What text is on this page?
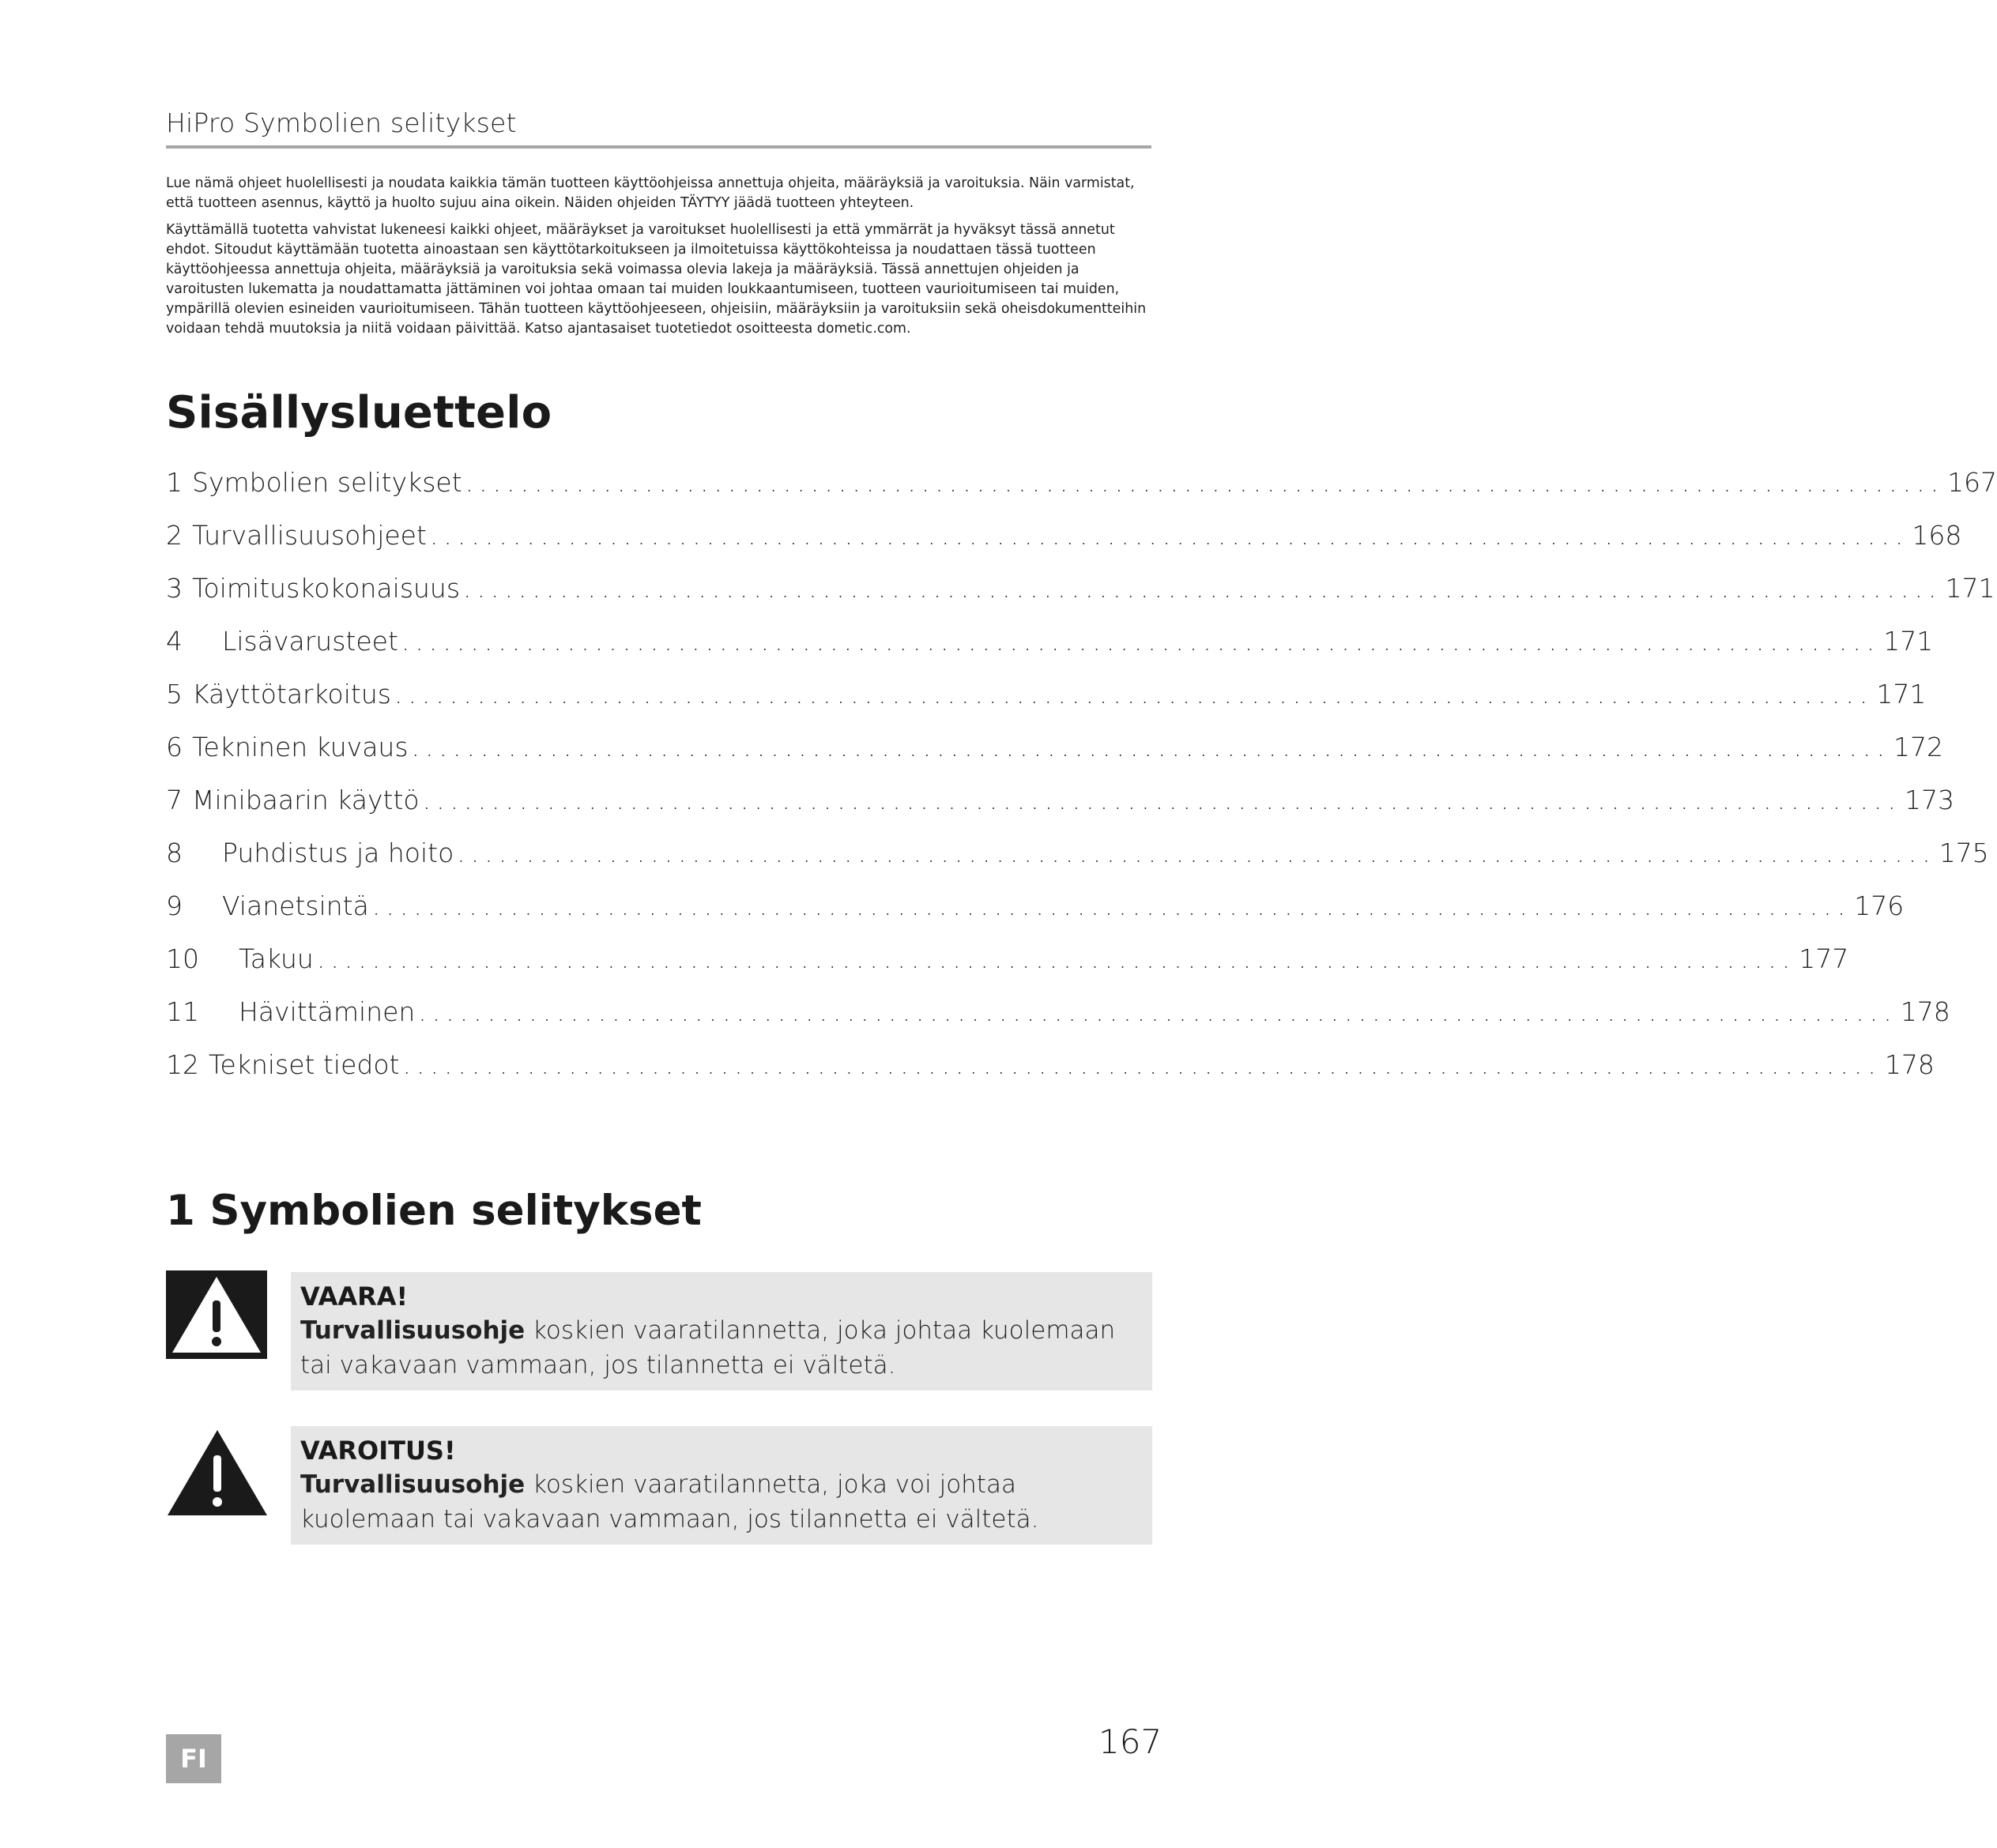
HiPro Symbolien selitykset

Lue nämä ohjeet huolellisesti ja noudata kaikkia tämän tuotteen käyttöohjeissa annettuja ohjeita, määräyksiä ja varoituksia. Näin varmistat, että tuotteen asennus, käyttö ja huolto sujuu aina oikein. Näiden ohjeiden TÄYTYY jäädä tuotteen yhteyteen.

Käyttämällä tuotetta vahvistat lukeneesi kaikki ohjeet, määräykset ja varoitukset huolellisesti ja että ymmärrät ja hyväksyt tässä annetut ehdot. Sitoudut käyttämään tuotetta ainoastaan sen käyttötarkoitukseen ja ilmoitetuissa käyttökohteissa ja noudattaen tässä tuotteen käyttöohjeessa annettuja ohjeita, määräyksiä ja varoituksia sekä voimassa olevia lakeja ja määräyksiä. Tässä annettujen ohjeiden ja varoitusten lukematta ja noudattamatta jättäminen voi johtaa omaan tai muiden loukkaantumiseen, tuotteen vaurioitumiseen tai muiden, ympärillä olevien esineiden vaurioitumiseen. Tähän tuotteen käyttöohjeeseen, ohjeisiin, määräyksiin ja varoituksiin sekä oheisdokumentteihin voidaan tehdä muutoksia ja niitä voidaan päivittää. Katso ajantasaiset tuotetiedot osoitteesta dometic.com.

Sisällysluettelo
1 Symbolien selitykset ........................................................................................................... 167
2 Turvallisuusohjeet ........................................................................................................... 168
3 Toimituskokonaisuus ........................................................................................................... 171
4 Lisävarusteet ........................................................................................................... 171
5 Käyttötarkoitus ........................................................................................................... 171
6 Tekninen kuvaus ........................................................................................................... 172
7 Minibaarin käyttö ........................................................................................................... 173
8 Puhdistus ja hoito ........................................................................................................... 175
9 Vianetsintä ........................................................................................................... 176
10 Takuu ........................................................................................................... 177
11 Hävittäminen ........................................................................................................... 178
12 Tekniset tiedot ........................................................................................................... 178
1 Symbolien selitykset
VAARA!
Turvallisuusohje koskien vaaratilannetta, joka johtaa kuolemaan tai vakavaan vammaan, jos tilannetta ei vältetä.
VAROITUS!
Turvallisuusohje koskien vaaratilannetta, joka voi johtaa kuolemaan tai vakavaan vammaan, jos tilannetta ei vältetä.
FI	167
